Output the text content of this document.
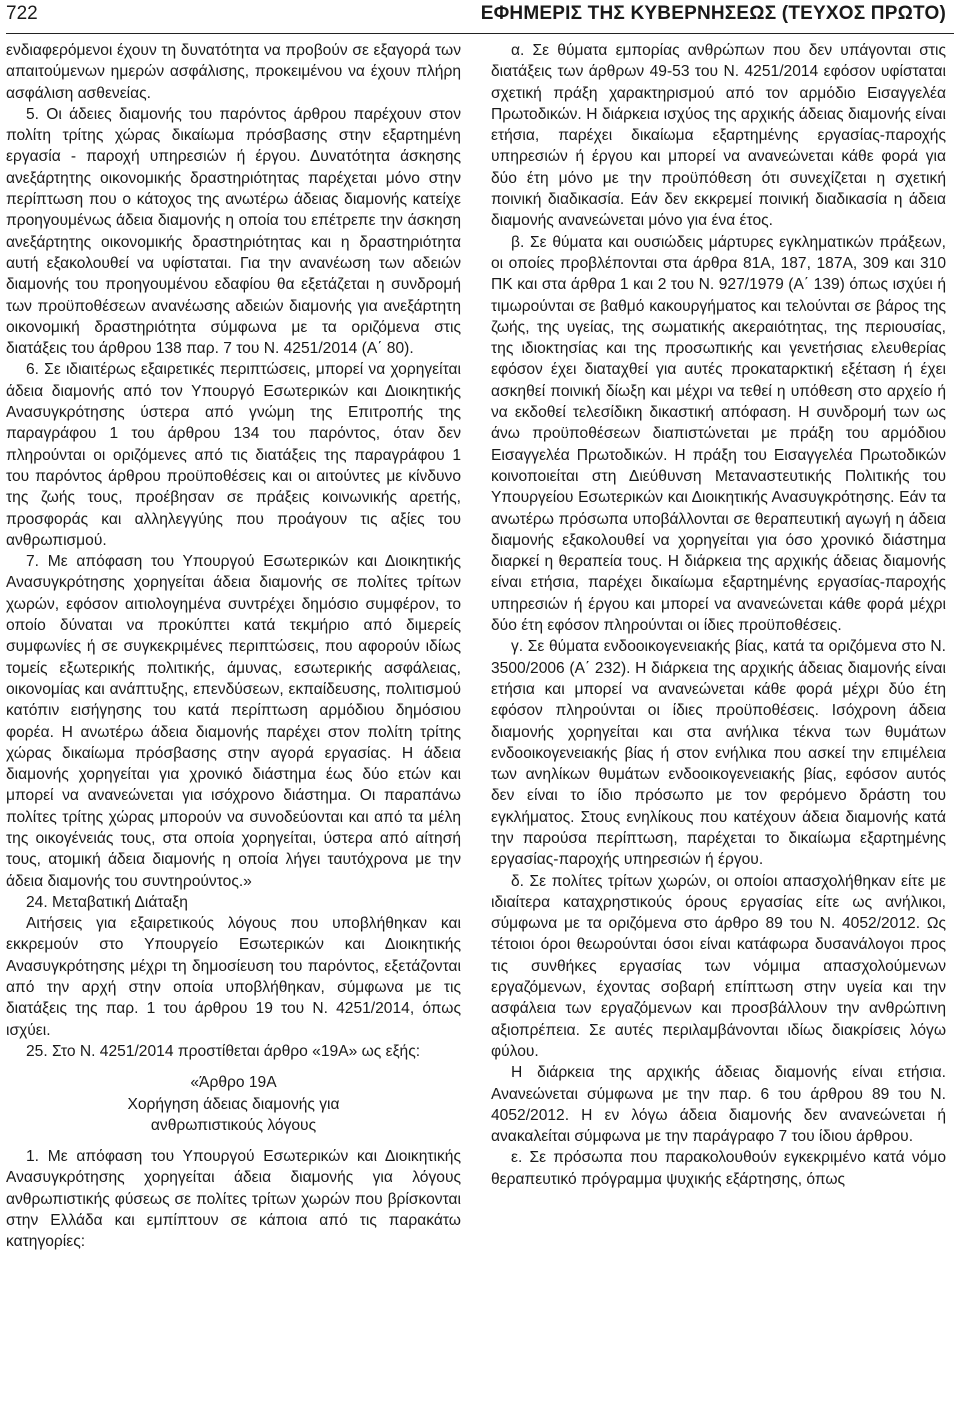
722	ΕΦΗΜΕΡΙΣ ΤΗΣ ΚΥΒΕΡΝΗΣΕΩΣ (ΤΕΥΧΟΣ ΠΡΩΤΟ)

ενδιαφερόμενοι έχουν τη δυνατότητα να προβούν σε εξαγορά των απαιτούμενων ημερών ασφάλισης, προκειμένου να έχουν πλήρη ασφάλιση ασθενείας.

5. Οι άδειες διαμονής του παρόντος άρθρου παρέχουν στον πολίτη τρίτης χώρας δικαίωμα πρόσβασης στην εξαρτημένη εργασία - παροχή υπηρεσιών ή έργου. Δυνατότητα άσκησης ανεξάρτητης οικονομικής δραστηριότητας παρέχεται μόνο στην περίπτωση που ο κάτοχος της ανωτέρω άδειας διαμονής κατείχε προηγουμένως άδεια διαμονής η οποία του επέτρεπε την άσκηση ανεξάρτητης οικονομικής δραστηριότητας και η δραστηριότητα αυτή εξακολουθεί να υφίσταται. Για την ανανέωση των αδειών διαμονής του προηγουμένου εδαφίου θα εξετάζεται η συνδρομή των προϋποθέσεων ανανέωσης αδειών διαμονής για ανεξάρτητη οικονομική δραστηριότητα σύμφωνα με τα οριζόμενα στις διατάξεις του άρθρου 138 παρ. 7 του Ν. 4251/2014 (Α΄ 80).

6. Σε ιδιαιτέρως εξαιρετικές περιπτώσεις, μπορεί να χορηγείται άδεια διαμονής από τον Υπουργό Εσωτερικών και Διοικητικής Ανασυγκρότησης ύστερα από γνώμη της Επιτροπής της παραγράφου 1 του άρθρου 134 του παρόντος, όταν δεν πληρούνται οι οριζόμενες από τις διατάξεις της παραγράφου 1 του παρόντος άρθρου προϋποθέσεις και οι αιτούντες με κίνδυνο της ζωής τους, προέβησαν σε πράξεις κοινωνικής αρετής, προσφοράς και αλληλεγγύης που προάγουν τις αξίες του ανθρωπισμού.

7. Με απόφαση του Υπουργού Εσωτερικών και Διοικητικής Ανασυγκρότησης χορηγείται άδεια διαμονής σε πολίτες τρίτων χωρών, εφόσον αιτιολογημένα συντρέχει δημόσιο συμφέρον, το οποίο δύναται να προκύπτει κατά τεκμήριο από διμερείς συμφωνίες ή σε συγκεκριμένες περιπτώσεις, που αφορούν ιδίως τομείς εξωτερικής πολιτικής, άμυνας, εσωτερικής ασφάλειας, οικονομίας και ανάπτυξης, επενδύσεων, εκπαίδευσης, πολιτισμού κατόπιν εισήγησης του κατά περίπτωση αρμόδιου δημόσιου φορέα. Η ανωτέρω άδεια διαμονής παρέχει στον πολίτη τρίτης χώρας δικαίωμα πρόσβασης στην αγορά εργασίας. Η άδεια διαμονής χορηγείται για χρονικό διάστημα έως δύο ετών και μπορεί να ανανεώνεται για ισόχρονο διάστημα. Οι παραπάνω πολίτες τρίτης χώρας μπορούν να συνοδεύονται και από τα μέλη της οικογένειάς τους, στα οποία χορηγείται, ύστερα από αίτησή τους, ατομική άδεια διαμονής η οποία λήγει ταυτόχρονα με την άδεια διαμονής του συντηρούντος.»

24. Μεταβατική Διάταξη

Αιτήσεις για εξαιρετικούς λόγους που υποβλήθηκαν και εκκρεμούν στο Υπουργείο Εσωτερικών και Διοικητικής Ανασυγκρότησης μέχρι τη δημοσίευση του παρόντος, εξετάζονται από την αρχή στην οποία υποβλήθηκαν, σύμφωνα με τις διατάξεις της παρ. 1 του άρθρου 19 του Ν. 4251/2014, όπως ισχύει.

25. Στο Ν. 4251/2014 προστίθεται άρθρο «19Α» ως εξής:

«Άρθρο 19Α

Χορήγηση άδειας διαμονής για

ανθρωπιστικούς λόγους

1. Με απόφαση του Υπουργού Εσωτερικών και Διοικητικής Ανασυγκρότησης χορηγείται άδεια διαμονής για λόγους ανθρωπιστικής φύσεως σε πολίτες τρίτων χωρών που βρίσκονται στην Ελλάδα και εμπίπτουν σε κάποια από τις παρακάτω κατηγορίες:

α. Σε θύματα εμπορίας ανθρώπων που δεν υπάγονται στις διατάξεις των άρθρων 49-53 του Ν. 4251/2014 εφόσον υφίσταται σχετική πράξη χαρακτηρισμού από τον αρμόδιο Εισαγγελέα Πρωτοδικών. Η διάρκεια ισχύος της αρχικής άδειας διαμονής είναι ετήσια, παρέχει δικαίωμα εξαρτημένης εργασίας-παροχής υπηρεσιών ή έργου και μπορεί να ανανεώνεται κάθε φορά για δύο έτη μόνο με την προϋπόθεση ότι συνεχίζεται η σχετική ποινική διαδικασία. Εάν δεν εκκρεμεί ποινική διαδικασία η άδεια διαμονής ανανεώνεται μόνο για ένα έτος.

β. Σε θύματα και ουσιώδεις μάρτυρες εγκληματικών πράξεων, οι οποίες προβλέπονται στα άρθρα 81Α, 187, 187Α, 309 και 310 ΠΚ και στα άρθρα 1 και 2 του Ν. 927/1979 (Α΄ 139) όπως ισχύει ή τιμωρούνται σε βαθμό κακουργήματος και τελούνται σε βάρος της ζωής, της υγείας, της σωματικής ακεραιότητας, της περιουσίας, της ιδιοκτησίας και της προσωπικής και γενετήσιας ελευθερίας εφόσον έχει διαταχθεί για αυτές προκαταρκτική εξέταση ή έχει ασκηθεί ποινική δίωξη και μέχρι να τεθεί η υπόθεση στο αρχείο ή να εκδοθεί τελεσίδικη δικαστική απόφαση. Η συνδρομή των ως άνω προϋποθέσεων διαπιστώνεται με πράξη του αρμόδιου Εισαγγελέα Πρωτοδικών. Η πράξη του Εισαγγελέα Πρωτοδικών κοινοποιείται στη Διεύθυνση Μεταναστευτικής Πολιτικής του Υπουργείου Εσωτερικών και Διοικητικής Ανασυγκρότησης. Εάν τα ανωτέρω πρόσωπα υποβάλλονται σε θεραπευτική αγωγή η άδεια διαμονής εξακολουθεί να χορηγείται για όσο χρονικό διάστημα διαρκεί η θεραπεία τους. Η διάρκεια της αρχικής άδειας διαμονής είναι ετήσια, παρέχει δικαίωμα εξαρτημένης εργασίας-παροχής υπηρεσιών ή έργου και μπορεί να ανανεώνεται κάθε φορά μέχρι δύο έτη εφόσον πληρούνται οι ίδιες προϋποθέσεις.

γ. Σε θύματα ενδοοικογενειακής βίας, κατά τα οριζόμενα στο Ν. 3500/2006 (Α΄ 232). Η διάρκεια της αρχικής άδειας διαμονής είναι ετήσια και μπορεί να ανανεώνεται κάθε φορά μέχρι δύο έτη εφόσον πληρούνται οι ίδιες προϋποθέσεις. Ισόχρονη άδεια διαμονής χορηγείται και στα ανήλικα τέκνα των θυμάτων ενδοοικογενειακής βίας ή στον ενήλικα που ασκεί την επιμέλεια των ανηλίκων θυμάτων ενδοοικογενειακής βίας, εφόσον αυτός δεν είναι το ίδιο πρόσωπο με τον φερόμενο δράστη του εγκλήματος. Στους ενηλίκους που κατέχουν άδεια διαμονής κατά την παρούσα περίπτωση, παρέχεται το δικαίωμα εξαρτημένης εργασίας-παροχής υπηρεσιών ή έργου.

δ. Σε πολίτες τρίτων χωρών, οι οποίοι απασχολήθηκαν είτε με ιδιαίτερα καταχρηστικούς όρους εργασίας είτε ως ανήλικοι, σύμφωνα με τα οριζόμενα στο άρθρο 89 του Ν. 4052/2012. Ως τέτοιοι όροι θεωρούνται όσοι είναι κατάφωρα δυσανάλογοι προς τις συνθήκες εργασίας των νόμιμα απασχολούμενων εργαζόμενων, έχοντας σοβαρή επίπτωση στην υγεία και την ασφάλεια των εργαζόμενων και προσβάλλουν την ανθρώπινη αξιοπρέπεια. Σε αυτές περιλαμβάνονται ιδίως διακρίσεις λόγω φύλου.

Η διάρκεια της αρχικής άδειας διαμονής είναι ετήσια. Ανανεώνεται σύμφωνα με την παρ. 6 του άρθρου 89 του Ν. 4052/2012. Η εν λόγω άδεια διαμονής δεν ανανεώνεται ή ανακαλείται σύμφωνα με την παράγραφο 7 του ίδιου άρθρου.

ε. Σε πρόσωπα που παρακολουθούν εγκεκριμένο κατά νόμο θεραπευτικό πρόγραμμα ψυχικής εξάρτησης, όπως
